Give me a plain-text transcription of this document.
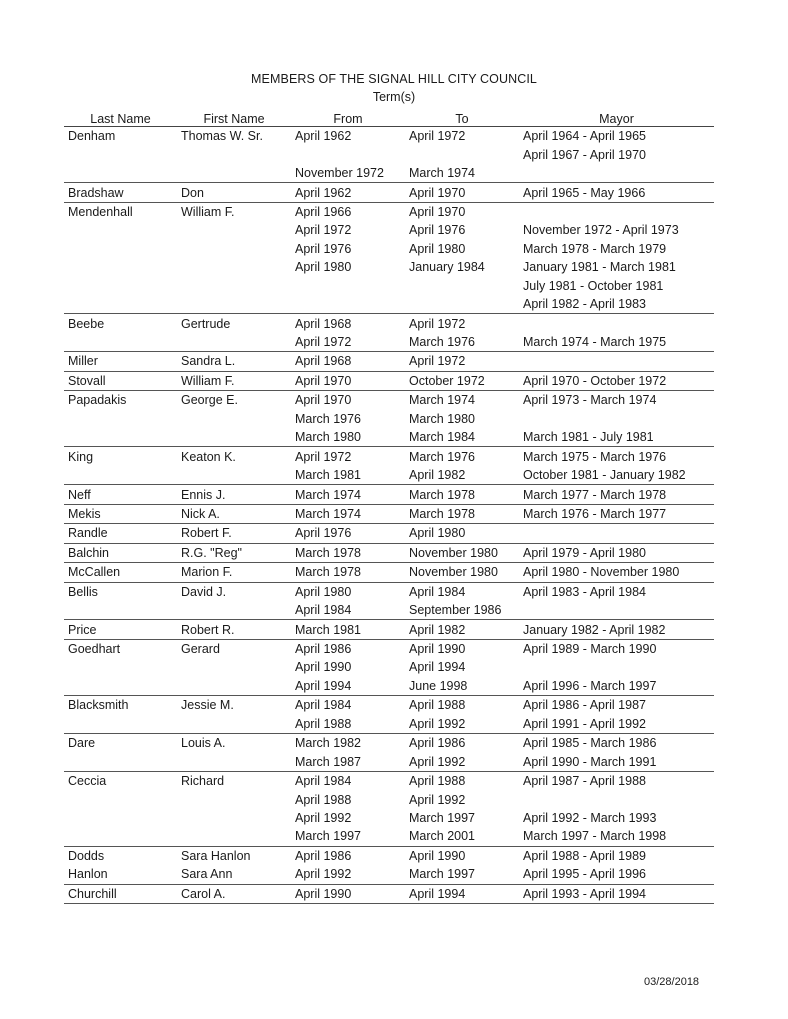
MEMBERS OF THE SIGNAL HILL CITY COUNCIL
Term(s)
Last Name	First Name	From	To	Mayor
Denham	Thomas W. Sr.	April 1962	April 1972	April 1964 - April 1965
				April 1967 - April 1970
		November 1972	March 1974	
Bradshaw	Don	April 1962	April 1970	April 1965 - May 1966
Mendenhall	William F.	April 1966	April 1970	
		April 1972	April 1976	November 1972 - April 1973
		April 1976	April 1980	March 1978 - March 1979
		April 1980	January 1984	January 1981 - March 1981
				July 1981 - October 1981
				April 1982 - April 1983
Beebe	Gertrude	April 1968	April 1972	
		April 1972	March 1976	March 1974 - March 1975
Miller	Sandra L.	April 1968	April 1972	
Stovall	William F.	April 1970	October 1972	April 1970 - October 1972
Papadakis	George E.	April 1970	March 1974	April 1973 - March 1974
		March 1976	March 1980	
		March 1980	March 1984	March 1981 - July 1981
King	Keaton K.	April 1972	March 1976	March 1975 - March 1976
		March 1981	April 1982	October 1981 - January 1982
Neff	Ennis J.	March 1974	March 1978	March 1977 - March 1978
Mekis	Nick A.	March 1974	March 1978	March 1976 - March 1977
Randle	Robert F.	April 1976	April 1980	
Balchin	R.G. "Reg"	March 1978	November 1980	April 1979 - April 1980
McCallen	Marion F.	March 1978	November 1980	April 1980 - November 1980
Bellis	David J.	April 1980	April 1984	April 1983 - April 1984
		April 1984	September 1986	
Price	Robert R.	March 1981	April 1982	January 1982 - April 1982
Goedhart	Gerard	April 1986	April 1990	April 1989 - March 1990
		April 1990	April 1994	
		April 1994	June 1998	April 1996 - March 1997
Blacksmith	Jessie M.	April 1984	April 1988	April 1986 - April 1987
		April 1988	April 1992	April 1991 - April 1992
Dare	Louis A.	March 1982	April 1986	April 1985 - March 1986
		March 1987	April 1992	April 1990 - March 1991
Ceccia	Richard	April 1984	April 1988	April 1987 - April 1988
		April 1988	April 1992	
		April 1992	March 1997	April 1992 - March 1993
		March 1997	March 2001	March 1997 - March 1998
Dodds	Sara Hanlon	April 1986	April 1990	April 1988 - April 1989
Hanlon	Sara Ann	April 1992	March 1997	April 1995 - April 1996
Churchill	Carol A.	April 1990	April 1994	April 1993 - April 1994
03/28/2018
